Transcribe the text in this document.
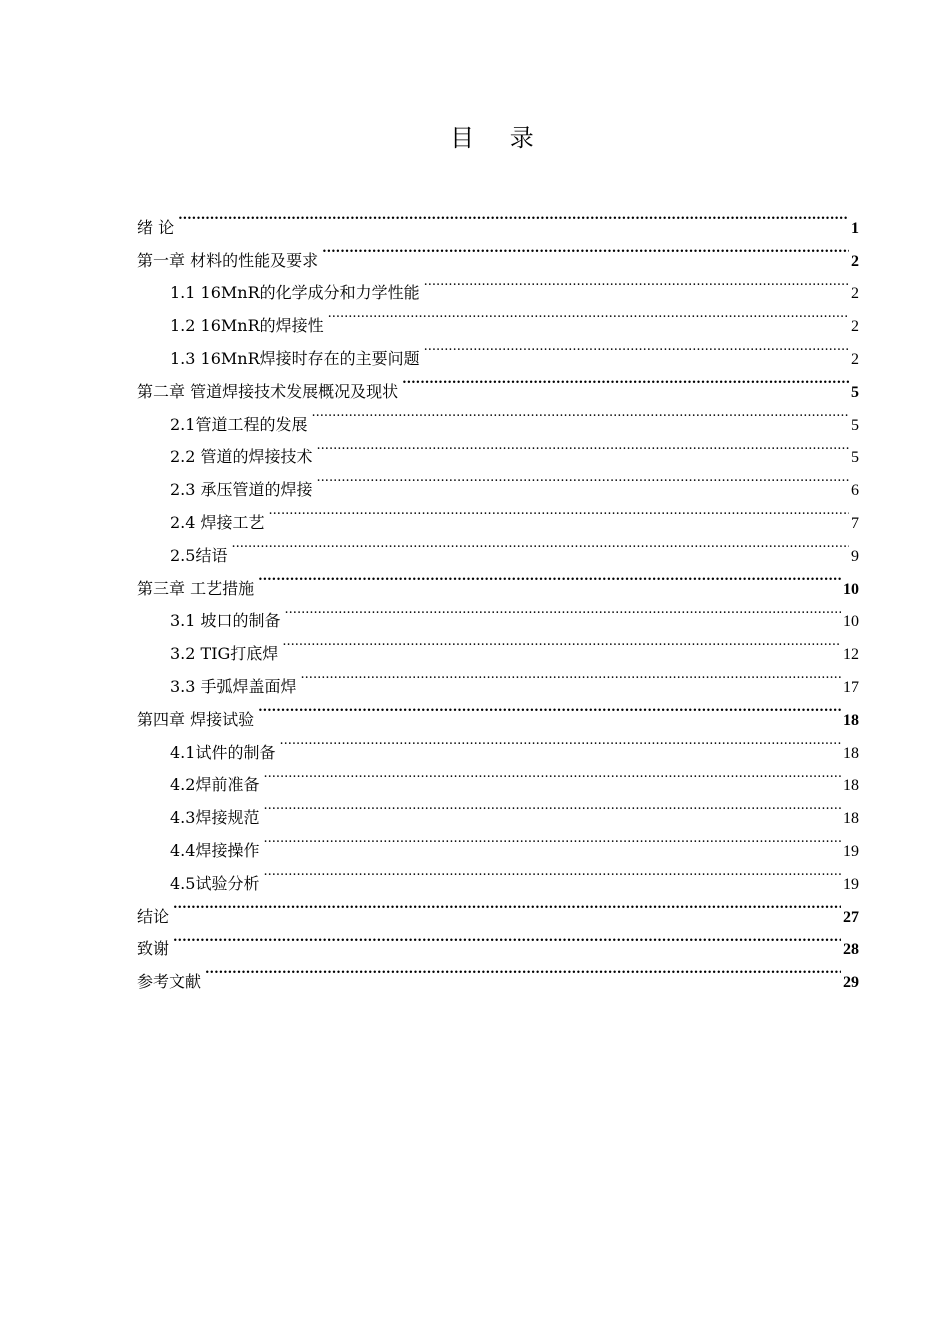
目 录
绪 论 .....	1
第一章 材料的性能及要求 .....	2
1.1 16MnR的化学成分和力学性能 .....	2
1.2 16MnR的焊接性 .....	2
1.3 16MnR焊接时存在的主要问题 .....	2
第二章 管道焊接技术发展概况及现状 .....	5
2.1管道工程的发展 .....	5
2.2 管道的焊接技术 .....	5
2.3 承压管道的焊接 .....	6
2.4 焊接工艺 .....	7
2.5结语 .....	9
第三章 工艺措施 .....	10
3.1 坡口的制备 .....	10
3.2 TIG打底焊 .....	12
3.3 手弧焊盖面焊 .....	17
第四章 焊接试验 .....	18
4.1试件的制备 .....	18
4.2焊前准备 .....	18
4.3焊接规范 .....	18
4.4焊接操作 .....	19
4.5试验分析 .....	19
结论 .....	27
致谢 .....	28
参考文献 .....	29
